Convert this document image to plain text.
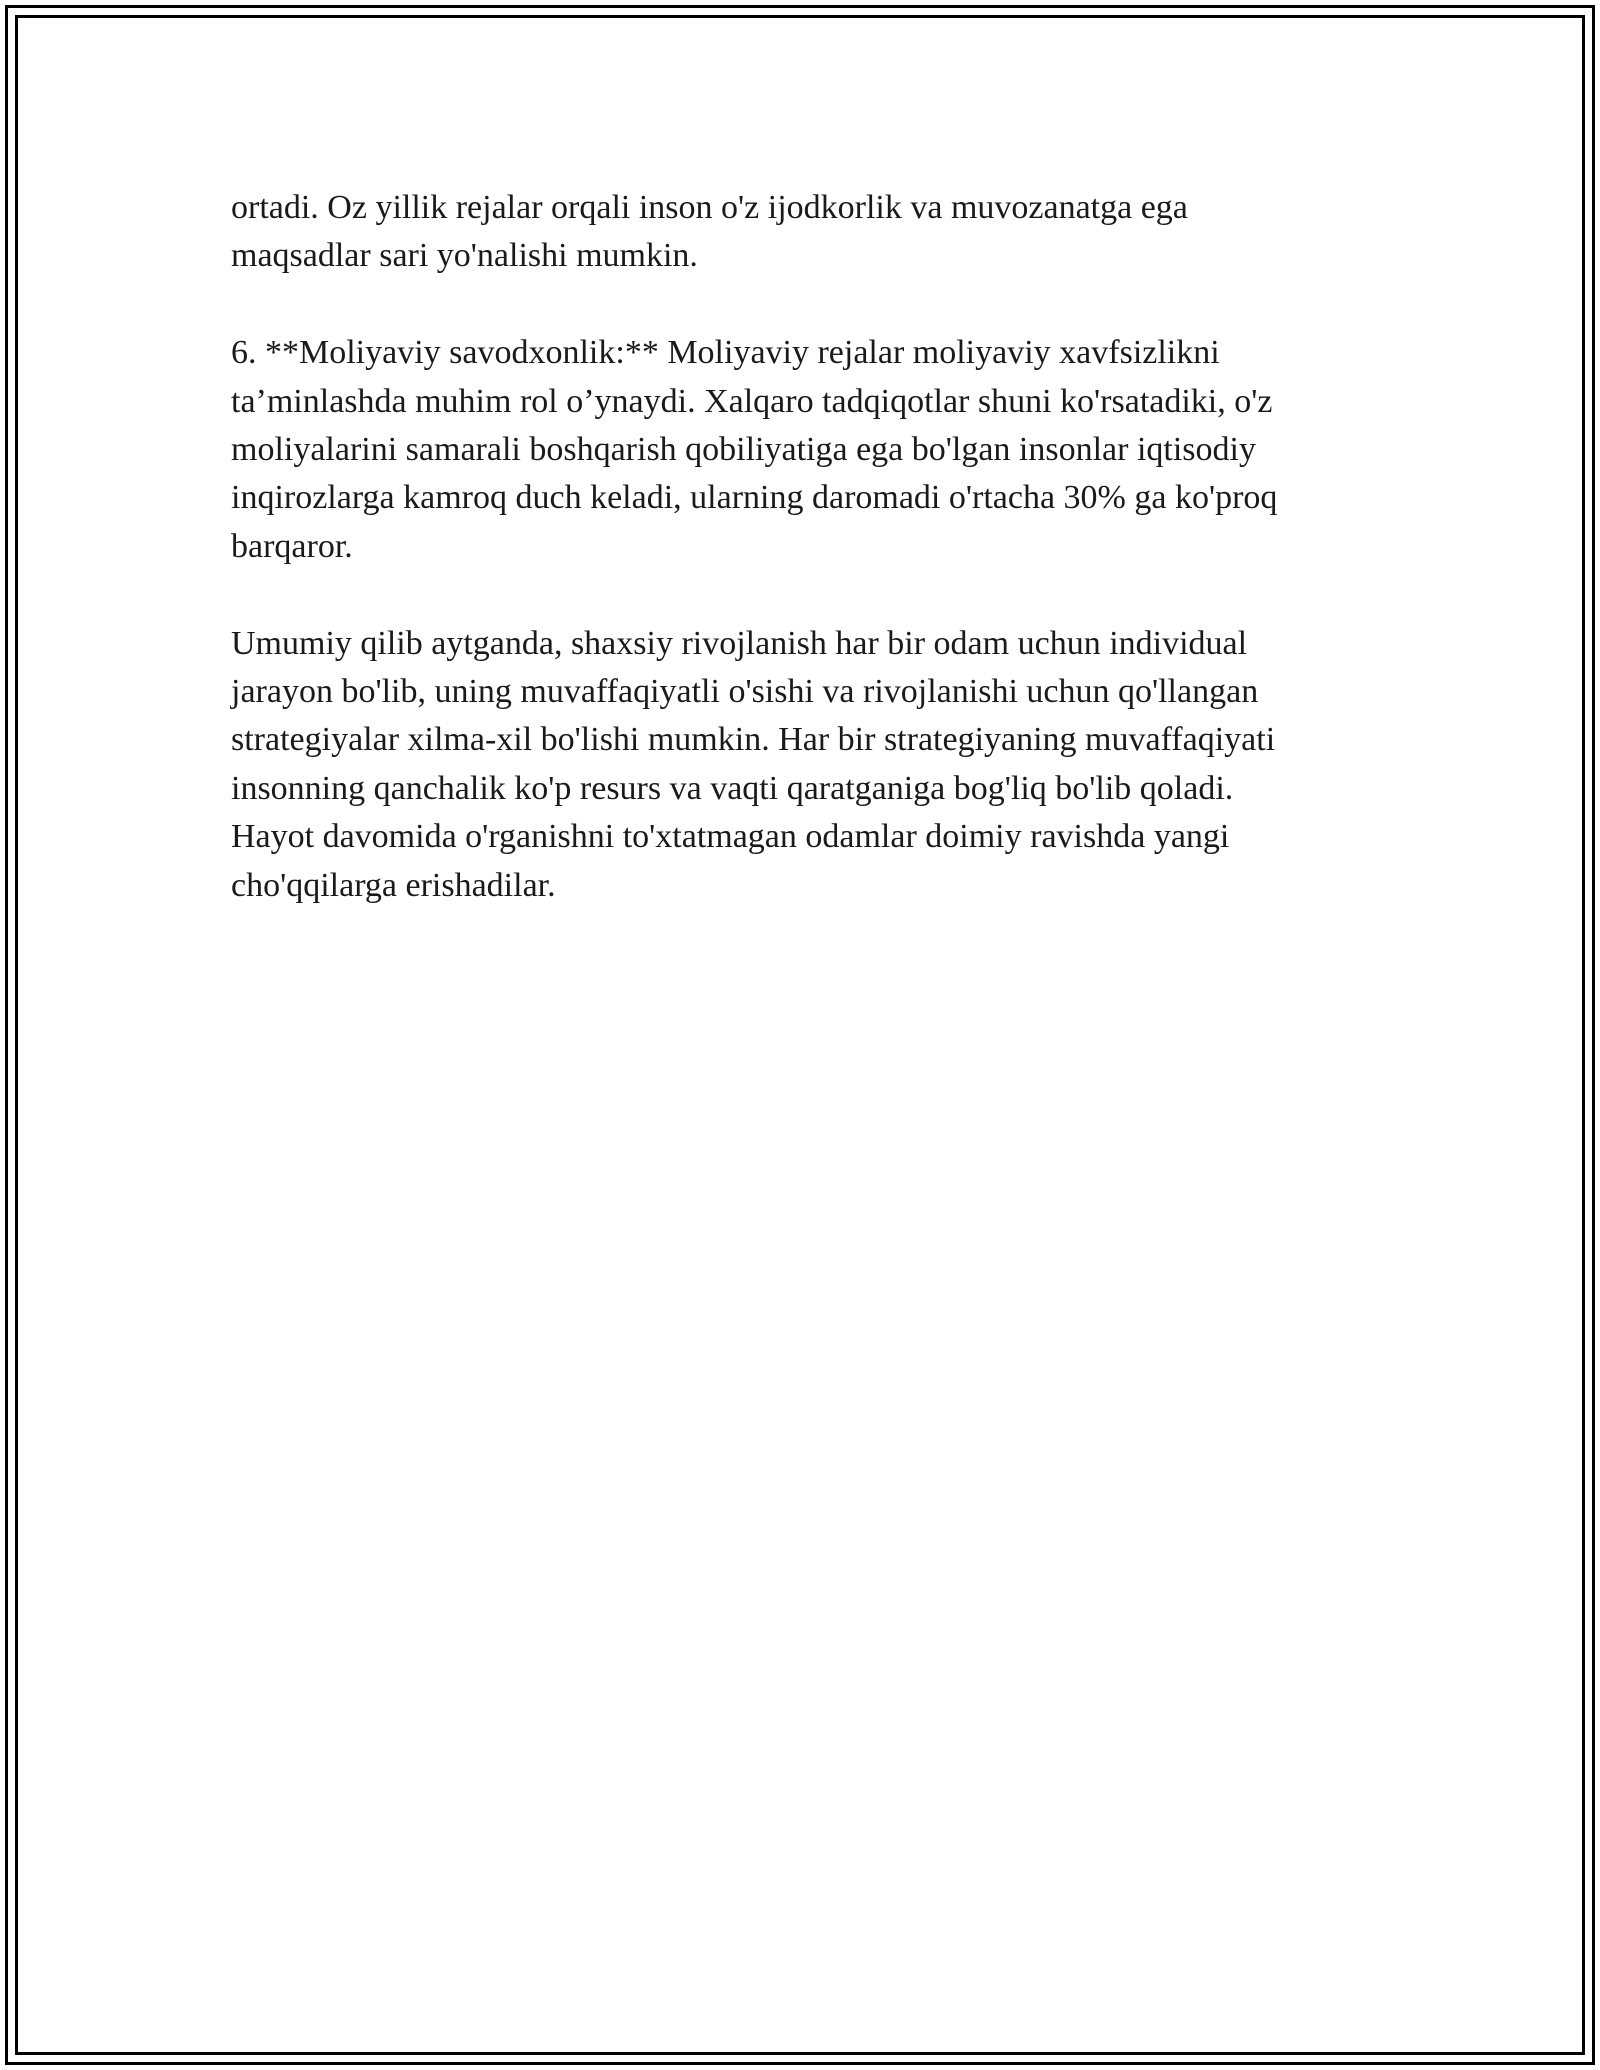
ortadi. Oz yillik rejalar orqali inson o'z ijodkorlik va muvozanatga ega
maqsadlar sari yo'nalishi mumkin.

6. **Moliyaviy savodxonlik:** Moliyaviy rejalar moliyaviy xavfsizlikni
ta’minlashda muhim rol o’ynaydi. Xalqaro tadqiqotlar shuni ko'rsatadiki, o'z
moliyalarini samarali boshqarish qobiliyatiga ega bo'lgan insonlar iqtisodiy
inqirozlarga kamroq duch keladi, ularning daromadi o'rtacha 30% ga ko'proq
barqaror.

Umumiy qilib aytganda, shaxsiy rivojlanish har bir odam uchun individual
jarayon bo'lib, uning muvaffaqiyatli o'sishi va rivojlanishi uchun qo'llangan
strategiyalar xilma-xil bo'lishi mumkin. Har bir strategiyaning muvaffaqiyati
insonning qanchalik ko'p resurs va vaqti qaratganiga bog'liq bo'lib qoladi.
Hayot davomida o'rganishni to'xtatmagan odamlar doimiy ravishda yangi
cho'qqilarga erishadilar.
